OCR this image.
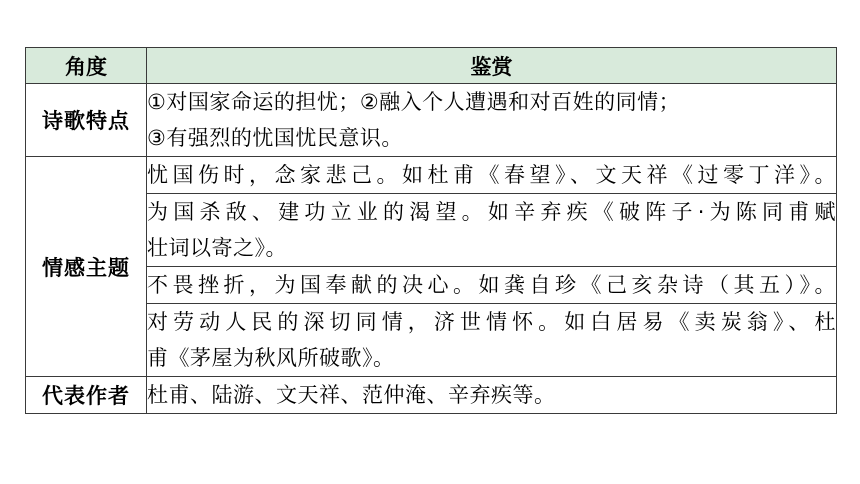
角度	鉴赏
诗歌特点	①对国家命运的担忧；②融入个人遭遇和对百姓的同情；
③有强烈的忧国忧民意识。

情感主题	忧国伤时，念家悲己。如杜甫《春望》、文天祥《过零丁洋》。

	为国杀敌、建功立业的渴望。如辛弃疾《破阵子·为陈同甫赋
壮词以寄之》。

	不畏挫折，为国奉献的决心。如龚自珍《己亥杂诗（其五）》。

	对劳动人民的深切同情，济世情怀。如白居易《卖炭翁》、杜
甫《茅屋为秋风所破歌》。

代表作者	杜甫、陆游、文天祥、范仲淹、辛弃疾等。
